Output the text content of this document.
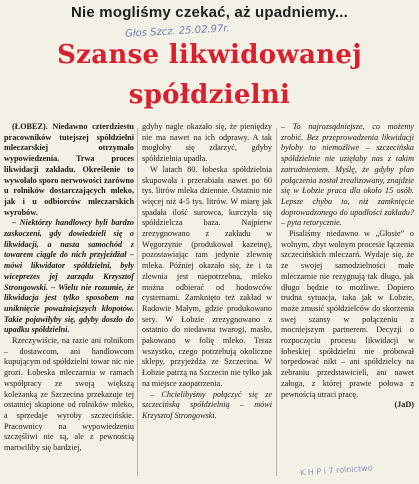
Nie mogliśmy czekać, aż upadniemy...
Głos Szcz. 25.02.97r.
Szanse likwidowanej
spółdzielni

(ŁOBEZ). Niedawno czterdziestu pracowników tutejszej spółdzielni mleczarskiej otrzymało wypowiedzenia. Trwa proces likwidacji zakładu. Określenie to wywołało sporo nerwowości zarówno u rolników dostarczających mleko, jak i u odbiorców mleczarskich wyrobów.

– Niektórzy handlowcy byli bardzo zaskoczeni, gdy dowiedzieli się o likwidacji, a nasza samochód z towarem ciągle do nich przyjeżdżał – mówi likwidator spółdzielni, były wiceprezes jej zarządu Krzysztof Strongowski. – Wielu nie rozumie, że likwidacja jest tylko sposobem na uniknięcie poważniejszych kłopotów. Takie pojawiłyby się, gdyby doszło do upadku spółdzielni.

Rzeczywiście, na razie ani rolnikom – dostawcom, ani handlowcom kupującym od spółdzielni towar nic nie grozi. Łobeska mleczarnia w ramach współpracy ze swoją większą koleżanką ze Szczecina przekazuje tej ostatniej skupione od rolników mleko, a sprzedaje wyroby szczecińskie. Pracownicy na wypowiedzeniu szczęśliwi nie są, ale z pewnością martwiliby się bardziej,

gdyby nagle okazało się, że pieniędzy nie ma nawet na ich odprawy. A tak mogłoby się zdarzyć, gdyby spółdzielnia upadła.

W latach 80. łobeska spółdzielnia skupowała i przerabiała nawet po 60 tys. litrów mleka dziennie. Ostatnio nie więcej niż 4-5 tys. litrów. W miarę jak spadała ilość surowca, kurczyła się spółdzielcza baza. Najpierw zrezygnowano z zakładu w Węgorzynie (produkował kazeinę), pozostawiając tam jedynie zlewnię mleka. Później okazało się, że i ta zlewnia jest niepotrzebna, mleko można odbierać od hodowców cysternami. Zamknięto też zakład w Radowie Małym, gdzie produkowano sery. W Łobzie zrezygnowano z ostatnio do niedawna twarogi, masło, pakowano w folię mleko. Teraz wszystko, czego potrzebują okoliczne sklepy, przyjeżdża ze Szczecina. W Łobzie patrzą na Szczecin nie tylko jak na miejsce zaopatrzenia.

– Chcielibyśmy połączyć się ze szczecińską spółdzielnią – mówi Krzysztof Strongowski.

– To najrozsądniejsze, co możemy zrobić. Bez przeprowadzenia likwidacji byłoby to niemożliwe – szczecińska spółdzielnie nie uzięłaby nas z takim zatrudnieniem. Myślę, że gdyby plan połączenia został zrealizowany, znajdzie się w Łobzie praca dla około 15 osób. Lepsze chyba to, niż zamknięcie doprowadzonego do upadłości zakładu? – pyta retorycznie.

Pisaliśmy niedawno w „Głosie” o wolnym, zbyt wolnym procesie łączenia szczecińskich mleczarń. Wydaje się, że ze swojej samodzielności małe mleczarnie nie rezygnują tak długo, jak długo będzie to możliwe. Dopiero trudna sytuacja, taka jak w Łobzie, może zmusić spółdzielców do skorzenia swej szansy w połączeniu z mocniejszym partnerem. Decyzji o rozpoczęciu procesu likwidacji w łobeskiej spółdzielni nie próbował torpedować nikt – ani spółdzielcy na zebraniu przedstawicieli, ani nawet załoga, z której prawie połowa z pewnością utraci pracę.

(JaD)

K H P i 7 rolnictwo
